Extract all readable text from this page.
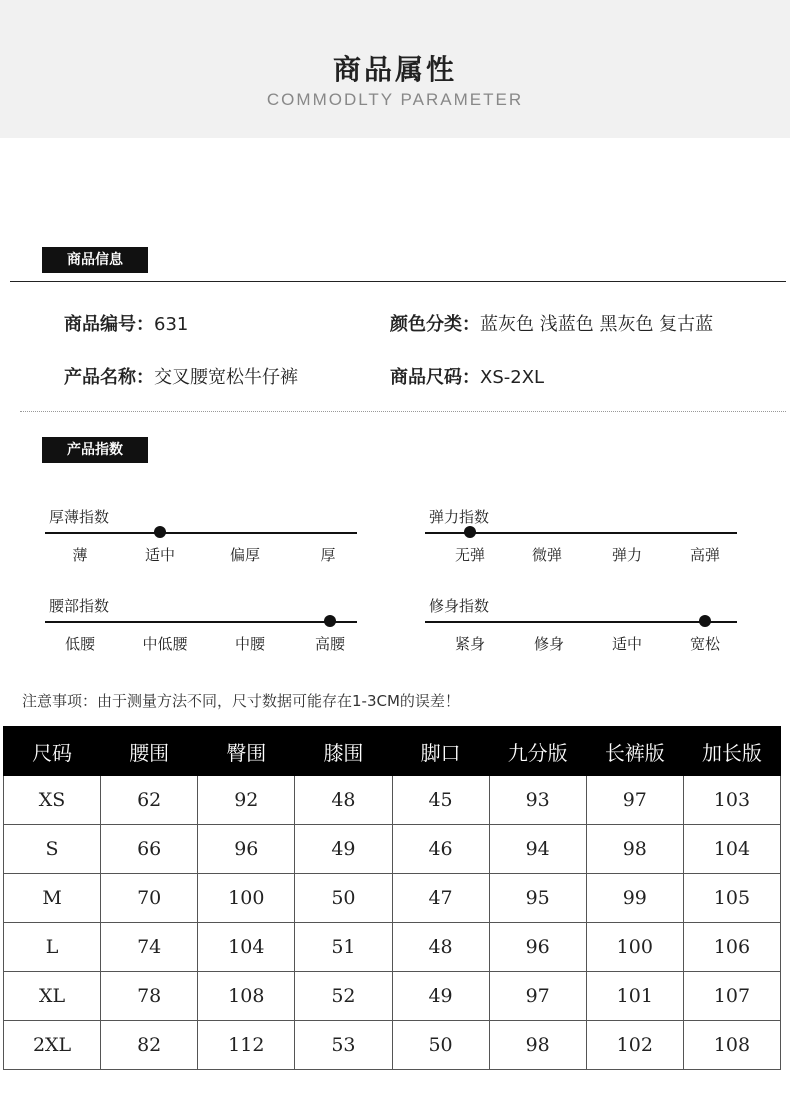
商品属性
COMMODLTY PARAMETER
商品信息
商品编号：631	颜色分类：蓝灰色 浅蓝色 黑灰色 复古蓝
产品名称：交叉腰宽松牛仔裤	商品尺码：XS-2XL
产品指数
厚薄指数
薄	适中	偏厚	厚
弹力指数
无弹	微弹	弹力	高弹
腰部指数
低腰	中低腰	中腰	高腰
修身指数
紧身	修身	适中	宽松
注意事项：由于测量方法不同，尺寸数据可能存在1-3CM的误差！
尺码	腰围	臀围	膝围	脚口	九分版	长裤版	加长版
XS	62	92	48	45	93	97	103
S	66	96	49	46	94	98	104
M	70	100	50	47	95	99	105
L	74	104	51	48	96	100	106
XL	78	108	52	49	97	101	107
2XL	82	112	53	50	98	102	108
